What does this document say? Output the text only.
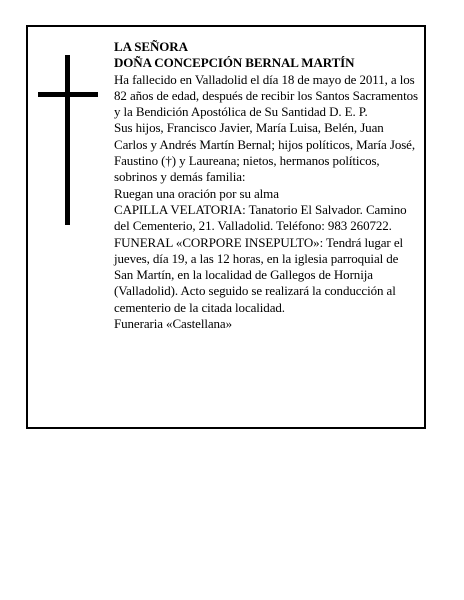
LA SEÑORA
DOÑA CONCEPCIÓN BERNAL MARTÍN

Ha fallecido en Valladolid el día 18 de mayo de 2011, a los 82 años de edad, después de recibir los Santos Sacramentos y la Bendición Apostólica de Su Santidad D. E. P.

Sus hijos, Francisco Javier, María Luisa, Belén, Juan Carlos y Andrés Martín Bernal; hijos políticos, María José, Faustino (†) y Laureana; nietos, hermanos políticos, sobrinos y demás familia:

Ruegan una oración por su alma

CAPILLA VELATORIA: Tanatorio El Salvador. Camino del Cementerio, 21. Valladolid. Teléfono: 983 260722.

FUNERAL «CORPORE INSEPULTO»: Tendrá lugar el jueves, día 19, a las 12 horas, en la iglesia parroquial de San Martín, en la localidad de Gallegos de Hornija (Valladolid). Acto seguido se realizará la conducción al cementerio de la citada localidad.

Funeraria «Castellana»
